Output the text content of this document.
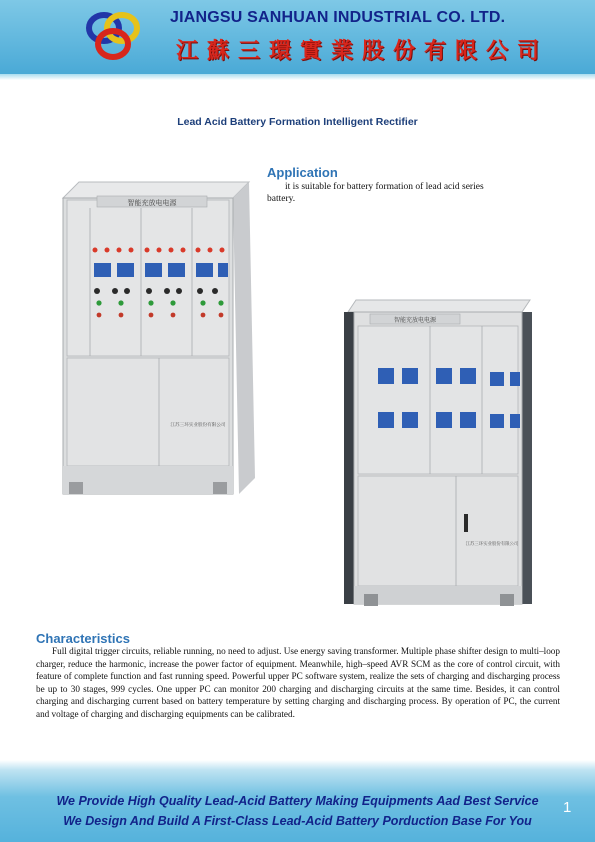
JIANGSU SANHUAN INDUSTRIAL CO. LTD.
江蘇三環實業股份有限公司
Lead Acid Battery Formation Intelligent Rectifier
Application
it is suitable for battery formation of lead acid series battery.
智能充放电电源
江苏三环实业股份有限公司
智能充放电电源
江苏三环实业股份有限公司
Characteristics
Full digital trigger circuits, reliable running, no need to adjust. Use energy saving transformer. Multiple phase shifter design to multi–loop charger, reduce the harmonic, increase the power factor of equipment. Meanwhile, high–speed AVR SCM as the core of control circuit, with feature of complete function and fast running speed. Powerful upper PC software system, realize the sets of charging and discharging process be up to 30 stages, 999 cycles. One upper PC can monitor 200 charging and discharging circuits at the same time. Besides, it can control charging and discharging current based on battery temperature by setting charging and discharging process. By operation of PC, the current and voltage of charging and discharging equipments can be calibrated.
We Provide High Quality Lead-Acid Battery Making Equipments Aad Best Service
We Design And Build A First-Class Lead-Acid Battery Porduction Base For You
1
